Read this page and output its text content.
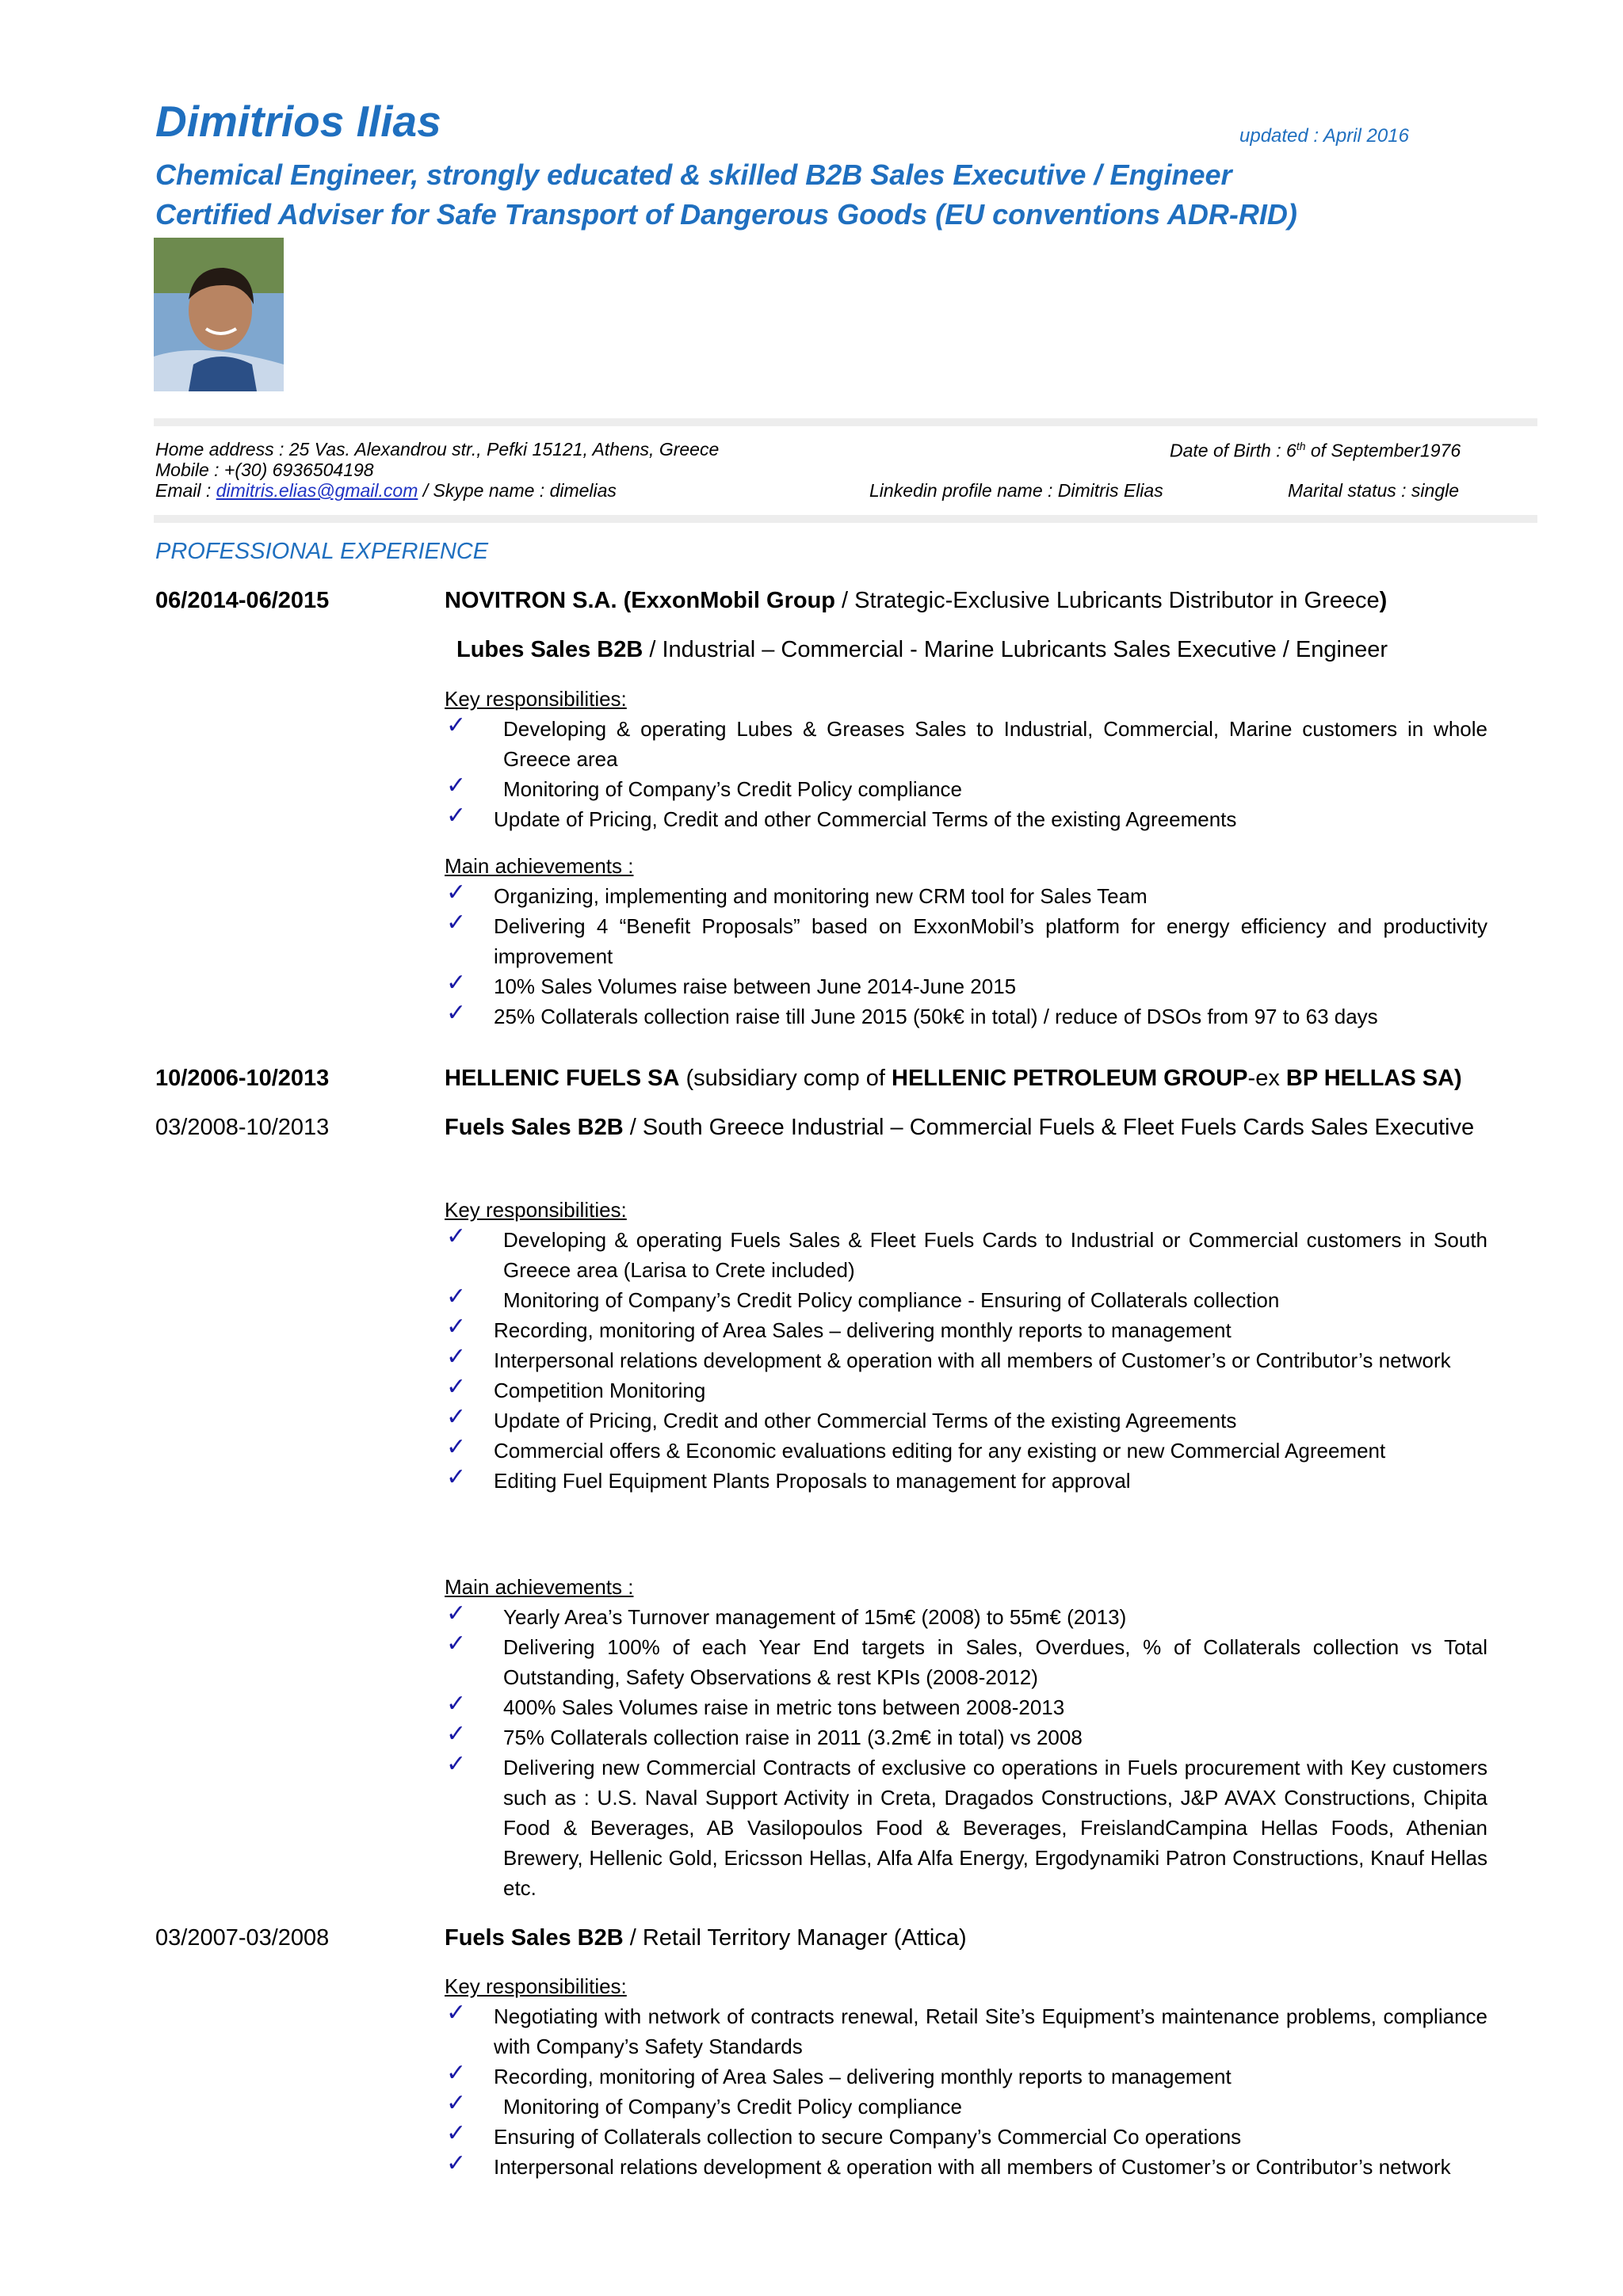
Dimitrios Ilias	updated : April 2016
Chemical Engineer, strongly educated & skilled B2B Sales Executive / Engineer
Certified Adviser for Safe Transport of Dangerous Goods (EU conventions ADR-RID)
Home address : 25 Vas. Alexandrou str., Pefki 15121, Athens, Greece	Date of Birth : 6th of September1976
Mobile : +(30) 6936504198
Email : dimitris.elias@gmail.com / Skype name : dimelias	Linkedin profile name : Dimitris Elias	Marital status : single
PROFESSIONAL EXPERIENCE
06/2014-06/2015	NOVITRON S.A. (ExxonMobil Group / Strategic-Exclusive Lubricants Distributor in Greece)
Lubes Sales B2B / Industrial – Commercial - Marine Lubricants Sales Executive / Engineer
Key responsibilities:
✓ Developing & operating Lubes & Greases Sales to Industrial, Commercial, Marine customers in whole Greece area
✓ Monitoring of Company’s Credit Policy compliance
✓ Update of Pricing, Credit and other Commercial Terms of the existing Agreements
Main achievements :
✓ Organizing, implementing and monitoring new CRM tool for Sales Team
✓ Delivering 4 “Benefit Proposals” based on ExxonMobil’s platform for energy efficiency and productivity improvement
✓ 10% Sales Volumes raise between June 2014-June 2015
✓ 25% Collaterals collection raise till June 2015 (50k€ in total) / reduce of DSOs from 97 to 63 days
10/2006-10/2013	HELLENIC FUELS SA (subsidiary comp of HELLENIC PETROLEUM GROUP-ex BP HELLAS SA)
03/2008-10/2013	Fuels Sales B2B / South Greece Industrial – Commercial Fuels & Fleet Fuels Cards Sales Executive
Key responsibilities:
✓ Developing & operating Fuels Sales & Fleet Fuels Cards to Industrial or Commercial customers in South Greece area (Larisa to Crete included)
✓ Monitoring of Company’s Credit Policy compliance - Ensuring of Collaterals collection
✓ Recording, monitoring of Area Sales – delivering monthly reports to management
✓ Interpersonal relations development & operation with all members of Customer’s or Contributor’s network
✓ Competition Monitoring
✓ Update of Pricing, Credit and other Commercial Terms of the existing Agreements
✓ Commercial offers & Economic evaluations editing for any existing or new Commercial Agreement
✓ Editing Fuel Equipment Plants Proposals to management for approval
Main achievements :
✓ Yearly Area’s Turnover management of 15m€ (2008) to 55m€ (2013)
✓ Delivering 100% of each Year End targets in Sales, Overdues, % of Collaterals collection vs Total Outstanding, Safety Observations & rest KPIs (2008-2012)
✓ 400% Sales Volumes raise in metric tons between 2008-2013
✓ 75% Collaterals collection raise in 2011 (3.2m€ in total) vs 2008
✓ Delivering new Commercial Contracts of exclusive co operations in Fuels procurement with Key customers such as : U.S. Naval Support Activity in Creta, Dragados Constructions, J&P AVAX Constructions, Chipita Food & Beverages, AB Vasilopoulos Food & Beverages, FreislandCampina Hellas Foods, Athenian Brewery, Hellenic Gold, Ericsson Hellas, Alfa Alfa Energy, Ergodynamiki Patron Constructions, Knauf Hellas etc.
03/2007-03/2008	Fuels Sales B2B / Retail Territory Manager (Attica)
Key responsibilities:
✓ Negotiating with network of contracts renewal, Retail Site’s Equipment’s maintenance problems, compliance with Company’s Safety Standards
✓ Recording, monitoring of Area Sales – delivering monthly reports to management
✓ Monitoring of Company’s Credit Policy compliance
✓ Ensuring of Collaterals collection to secure Company’s Commercial Co operations
✓ Interpersonal relations development & operation with all members of Customer’s or Contributor’s network
